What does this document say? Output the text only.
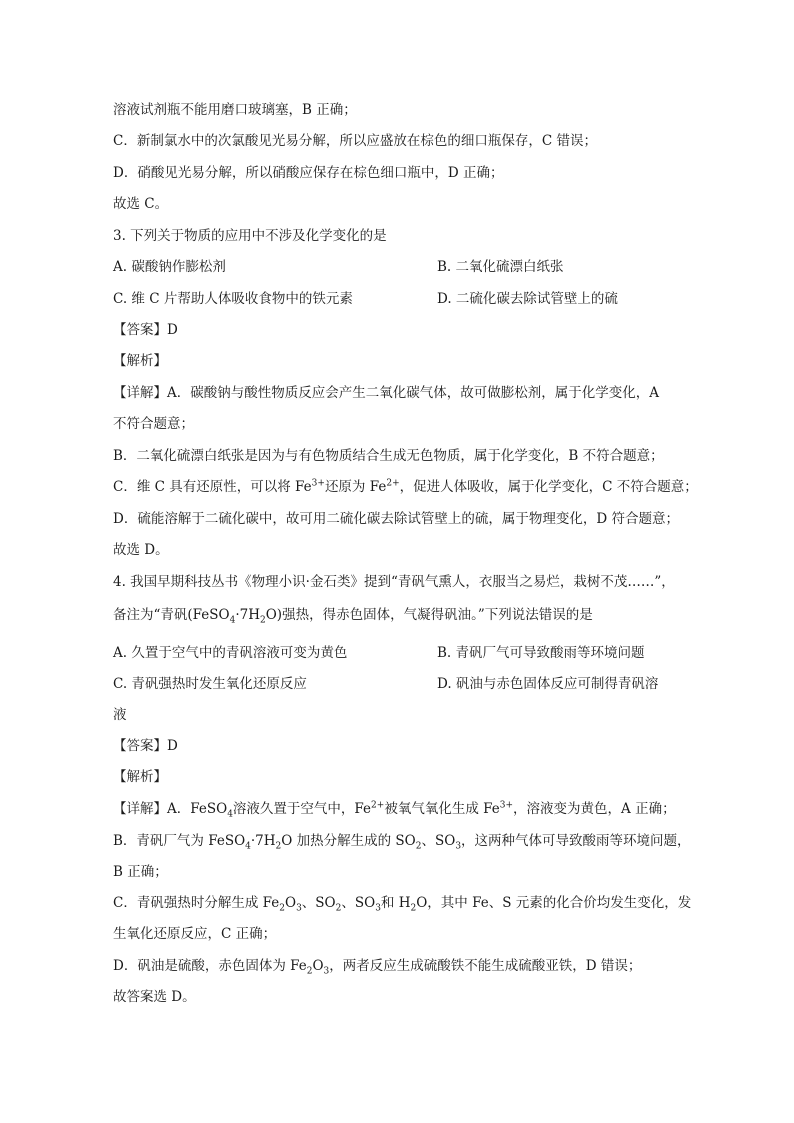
溶液试剂瓶不能用磨口玻璃塞，B 正确；
C．新制氯水中的次氯酸见光易分解，所以应盛放在棕色的细口瓶保存，C 错误；
D．硝酸见光易分解，所以硝酸应保存在棕色细口瓶中，D 正确；
故选 C。
3. 下列关于物质的应用中不涉及化学变化的是
A. 碳酸钠作膨松剂	B. 二氧化硫漂白纸张
C. 维 C 片帮助人体吸收食物中的铁元素	D. 二硫化碳去除试管壁上的硫
【答案】D
【解析】
【详解】A．碳酸钠与酸性物质反应会产生二氧化碳气体，故可做膨松剂，属于化学变化，A
不符合题意；
B．二氧化硫漂白纸张是因为与有色物质结合生成无色物质，属于化学变化，B 不符合题意；
C．维 C 具有还原性，可以将 $Fe^{3+}$还原为 $Fe^{2+}$，促进人体吸收，属于化学变化，C 不符合题意；
D．硫能溶解于二硫化碳中，故可用二硫化碳去除试管壁上的硫，属于物理变化，D 符合题意；
故选 D。
4. 我国早期科技丛书《物理小识·金石类》提到“青矾气熏人，衣服当之易烂，栽树不茂……”，
备注为“青矾$(FeSO_4\cdot 7H_2O)$强热，得赤色固体，气凝得矾油。”下列说法错误的是
A. 久置于空气中的青矾溶液可变为黄色	B. 青矾厂气可导致酸雨等环境问题
C. 青矾强热时发生氧化还原反应	D. 矾油与赤色固体反应可制得青矾溶
液
【答案】D
【解析】
【详解】A．FeSO$_4$溶液久置于空气中，$Fe^{2+}$被氧气氧化生成 $Fe^{3+}$，溶液变为黄色，A 正确；
B．青矾厂气为 $FeSO_4\cdot 7H_2O$ 加热分解生成的 $SO_2$、$SO_3$，这两种气体可导致酸雨等环境问题，
B 正确；
C．青矾强热时分解生成 $Fe_2O_3$、$SO_2$、$SO_3$和 $H_2O$，其中 Fe、S 元素的化合价均发生变化，发
生氧化还原反应，C 正确；
D．矾油是硫酸，赤色固体为 $Fe_2O_3$，两者反应生成硫酸铁不能生成硫酸亚铁，D 错误；
故答案选 D。
